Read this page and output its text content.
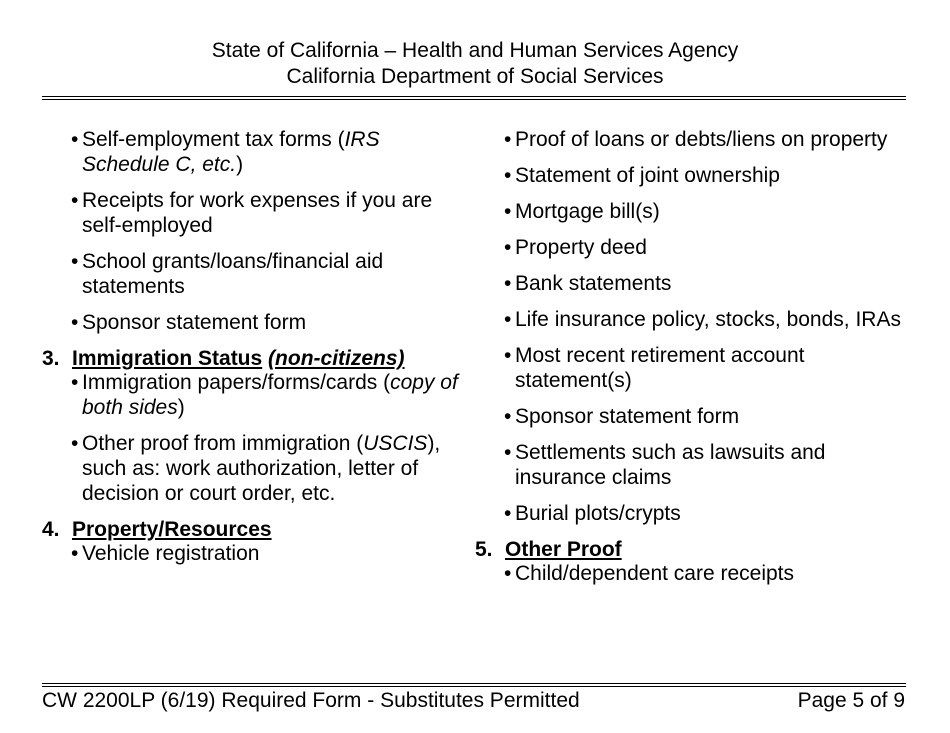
State of California – Health and Human Services Agency
California Department of Social Services
• Self-employment tax forms (IRS Schedule C, etc.)
• Receipts for work expenses if you are self-employed
• School grants/loans/financial aid statements
• Sponsor statement form
3. Immigration Status (non-citizens)
• Immigration papers/forms/cards (copy of both sides)
• Other proof from immigration (USCIS), such as: work authorization, letter of decision or court order, etc.
4. Property/Resources
• Vehicle registration
• Proof of loans or debts/liens on property
• Statement of joint ownership
• Mortgage bill(s)
• Property deed
• Bank statements
• Life insurance policy, stocks, bonds, IRAs
• Most recent retirement account statement(s)
• Sponsor statement form
• Settlements such as lawsuits and insurance claims
• Burial plots/crypts
5. Other Proof
• Child/dependent care receipts
CW 2200LP (6/19) Required Form - Substitutes Permitted	Page 5 of 9
